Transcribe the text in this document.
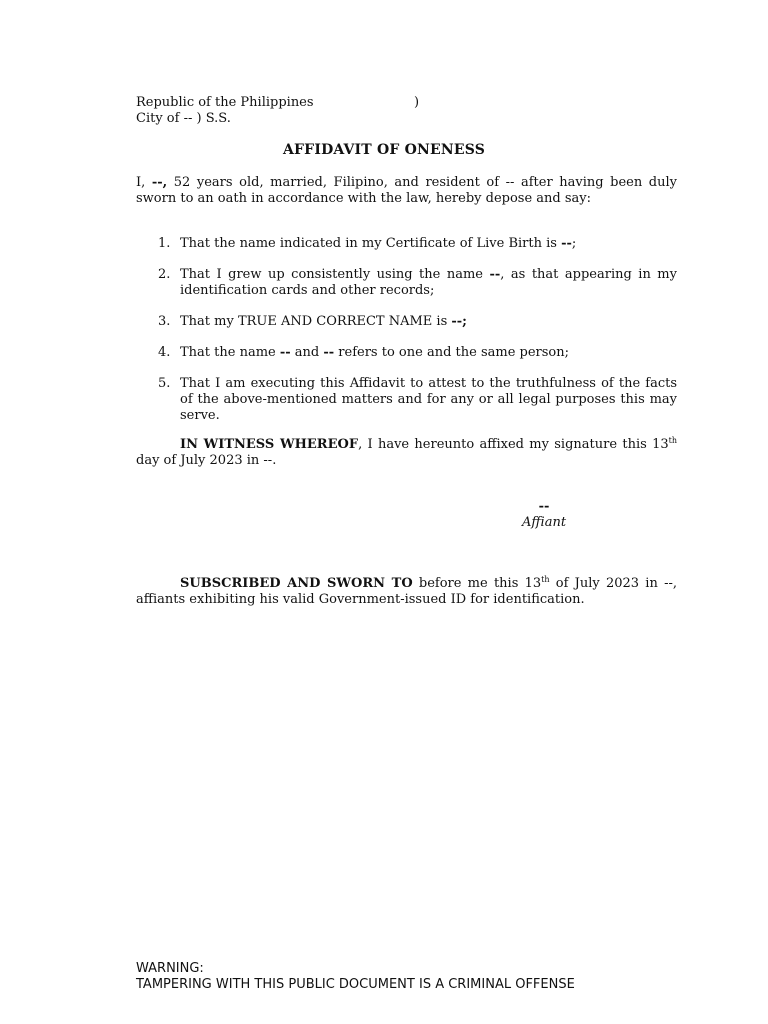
Republic of the Philippines	)
City of -- ) S.S.
AFFIDAVIT OF ONENESS
I, --, 52 years old, married, Filipino, and resident of -- after having been duly sworn to an oath in accordance with the law, hereby depose and say:
1. That the name indicated in my Certificate of Live Birth is --;
2. That I grew up consistently using the name --, as that appearing in my identification cards and other records;
3. That my TRUE AND CORRECT NAME is --;
4. That the name -- and -- refers to one and the same person;
5. That I am executing this Affidavit to attest to the truthfulness of the facts of the above-mentioned matters and for any or all legal purposes this may serve.
IN WITNESS WHEREOF, I have hereunto affixed my signature this 13th day of July 2023 in --.
--
Affiant
SUBSCRIBED AND SWORN TO before me this 13th of July 2023 in --, affiants exhibiting his valid Government-issued ID for identification.
WARNING:
TAMPERING WITH THIS PUBLIC DOCUMENT IS A CRIMINAL OFFENSE
